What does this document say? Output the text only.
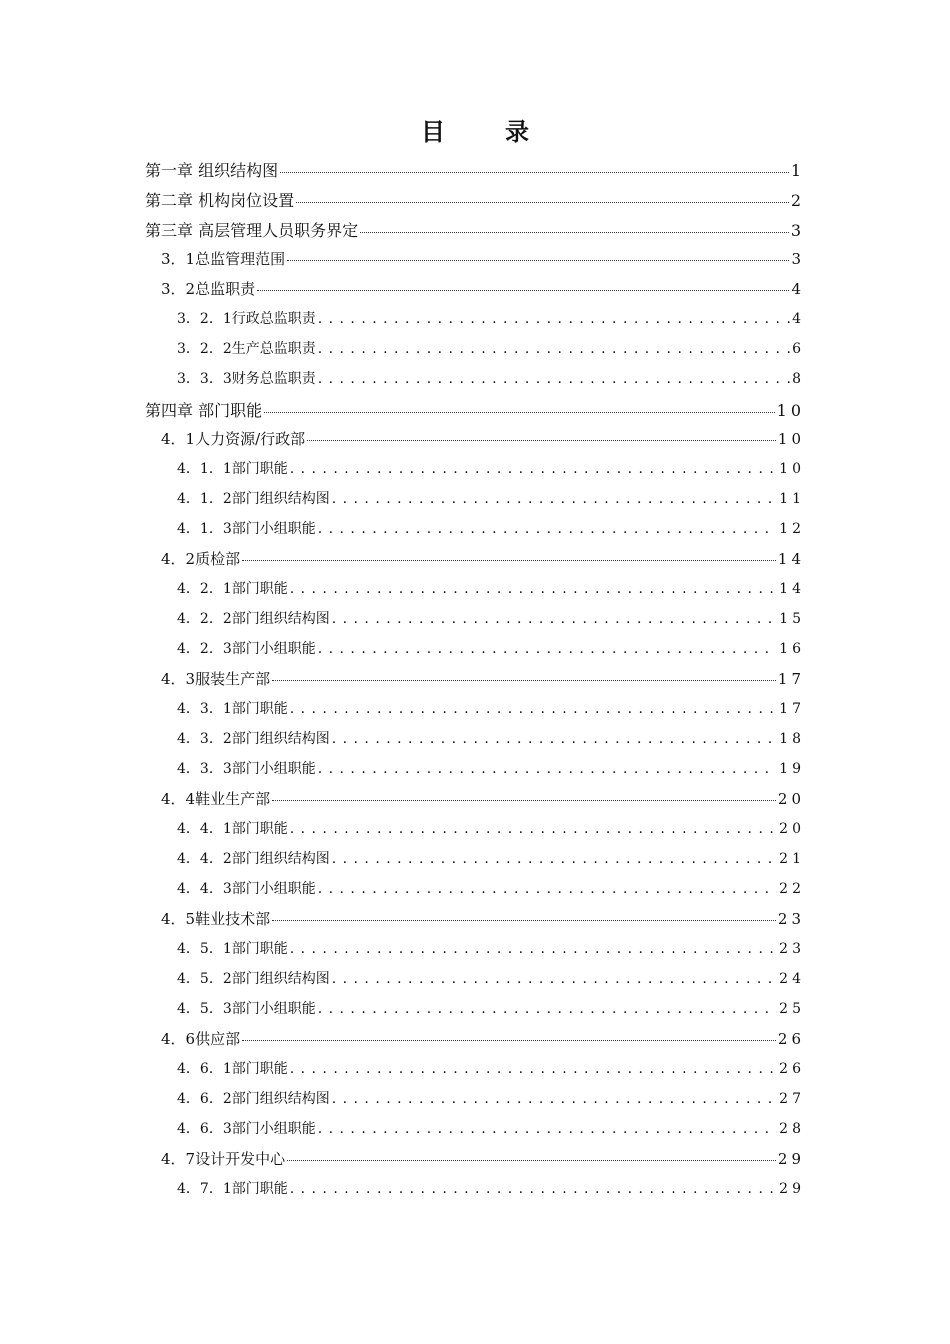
目录
第一章 组织结构图	1
第二章 机构岗位设置	2
第三章 高层管理人员职务界定	3
3．1总监管理范围	3
3．2总监职责	4
3．2．1行政总监职责 . . .	4
3．2．2生产总监职责 . . .	6
3．3．3财务总监职责 . . .	8
第四章 部门职能	10
4．1人力资源/行政部	10
4．1．1部门职能 . . .	10
4．1．2部门组织结构图 . . .	11
4．1．3部门小组职能 . . .	12
4．2质检部	14
4．2．1部门职能 . . .	14
4．2．2部门组织结构图 . . .	15
4．2．3部门小组职能 . . .	16
4．3服装生产部	17
4．3．1部门职能 . . .	17
4．3．2部门组织结构图 . . .	18
4．3．3部门小组职能 . . .	19
4．4鞋业生产部	20
4．4．1部门职能 . . .	20
4．4．2部门组织结构图 . . .	21
4．4．3部门小组职能 . . .	22
4．5鞋业技术部	23
4．5．1部门职能 . . .	23
4．5．2部门组织结构图 . . .	24
4．5．3部门小组职能 . . .	25
4．6供应部	26
4．6．1部门职能 . . .	26
4．6．2部门组织结构图 . . .	27
4．6．3部门小组职能 . . .	28
4．7设计开发中心	29
4．7．1部门职能 . . .	29
